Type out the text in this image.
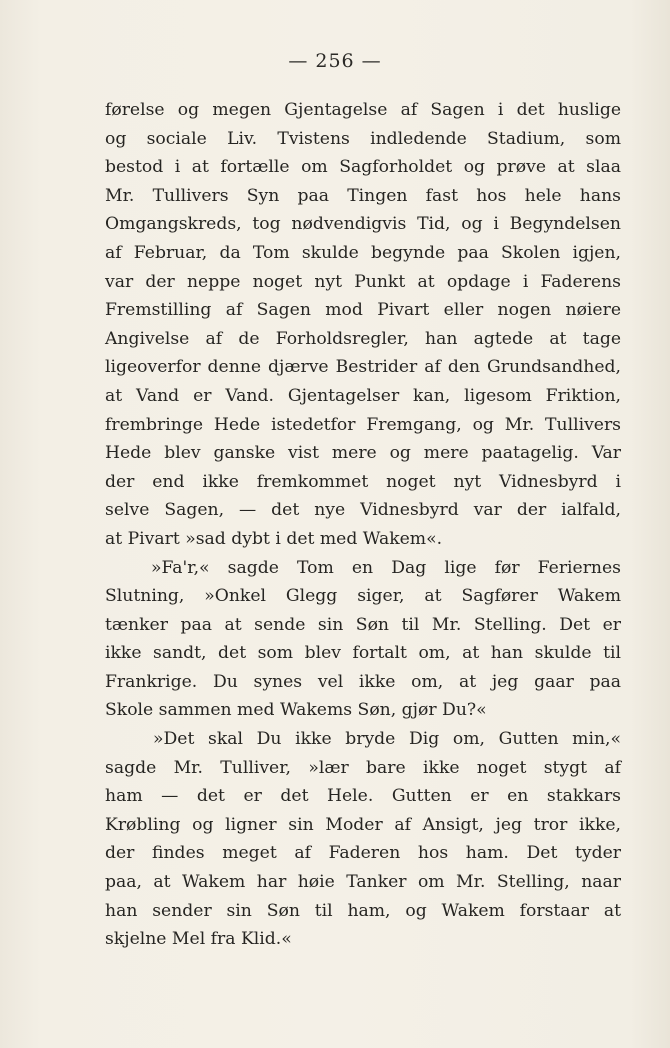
— 256 —
førelse og megen Gjentagelse af Sagen i det huslige
og sociale Liv. Tvistens indledende Stadium, som
bestod i at fortælle om Sagforholdet og prøve at slaa
Mr. Tullivers Syn paa Tingen fast hos hele hans
Omgangskreds, tog nødvendigvis Tid, og i Begyndelsen
af Februar, da Tom skulde begynde paa Skolen igjen,
var der neppe noget nyt Punkt at opdage i Faderens
Fremstilling af Sagen mod Pivart eller nogen nøiere
Angivelse af de Forholdsregler, han agtede at tage
ligeoverfor denne djærve Bestrider af den Grundsandhed,
at Vand er Vand. Gjentagelser kan, ligesom Friktion,
frembringe Hede istedetfor Fremgang, og Mr. Tullivers
Hede blev ganske vist mere og mere paatagelig. Var
der end ikke fremkommet noget nyt Vidnesbyrd i
selve Sagen, — det nye Vidnesbyrd var der ialfald,
at Pivart »sad dybt i det med Wakem«.
»Fa'r,« sagde Tom en Dag lige før Feriernes
Slutning, »Onkel Glegg siger, at Sagfører Wakem
tænker paa at sende sin Søn til Mr. Stelling. Det er
ikke sandt, det som blev fortalt om, at han skulde til
Frankrige. Du synes vel ikke om, at jeg gaar paa
Skole sammen med Wakems Søn, gjør Du?«
»Det skal Du ikke bryde Dig om, Gutten min,«
sagde Mr. Tulliver, »lær bare ikke noget stygt af
ham — det er det Hele. Gutten er en stakkars
Krøbling og ligner sin Moder af Ansigt, jeg tror ikke,
der findes meget af Faderen hos ham. Det tyder
paa, at Wakem har høie Tanker om Mr. Stelling, naar
han sender sin Søn til ham, og Wakem forstaar at
skjelne Mel fra Klid.«
